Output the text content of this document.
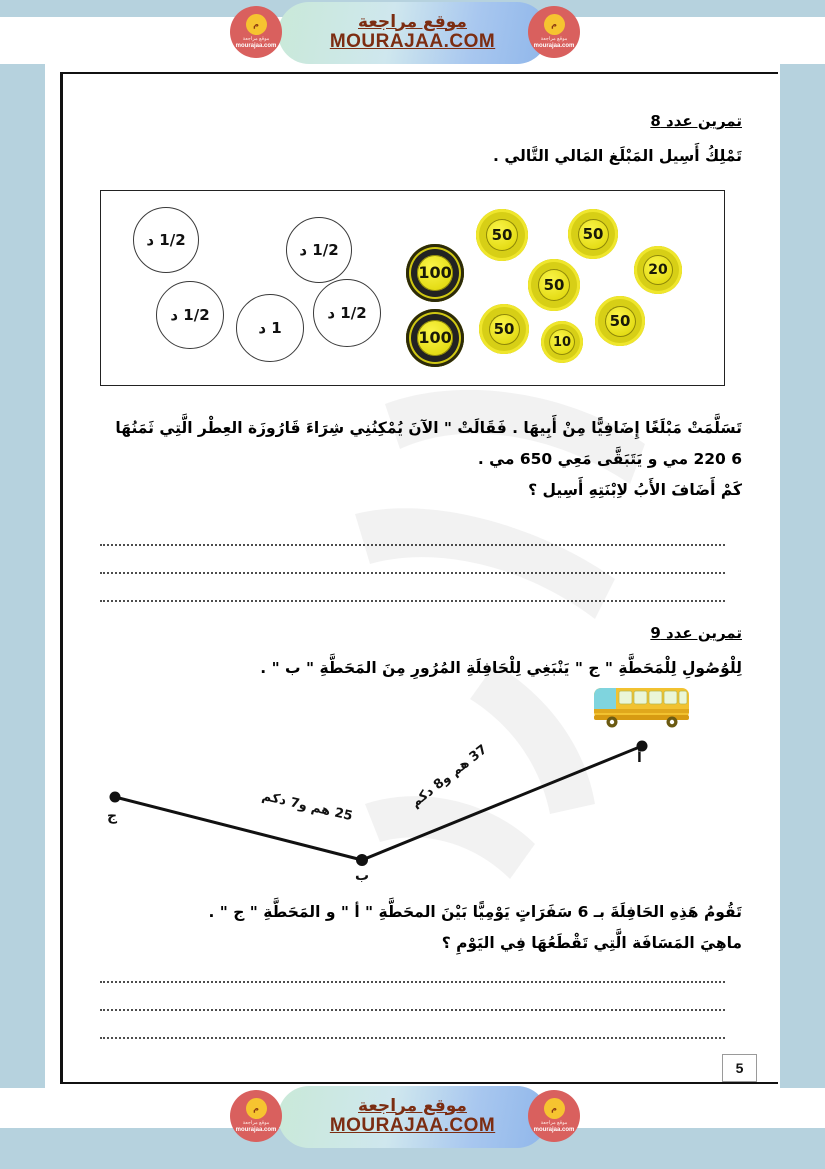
موقع مراجعة
MOURAJAA.COM
م
موقع مراجعة
mourajaa.com
م
موقع مراجعة
mourajaa.com
تمرين عدد 8
تَمْلِكُ أَسِيل المَبْلَغ المَالي التَّالي .
1/2 د
1/2 د
1/2 د
1 د
1/2 د
100
50	50
50
20
100	50
10
50
تَسَلَّمَتْ مَبْلَغًا إِضَافِيًّا مِنْ أَبِيهَا . فَقَالَتْ " الآنَ يُمْكِنُنِي شِرَاءَ قَارُوزَة العِطْر الَّتِي ثَمَنُهَا
6 220 مي و يَتَبَقَّى مَعِي 650 مي .
كَمْ أَضَافَ الأَبُ لاِبْنَتِهِ أَسِيل ؟
تمرين عدد 9
لِلْوُصُولِ لِلْمَحَطَّةِ " ج " يَنْبَغِي لِلْحَافِلَةِ المُرُورِ مِنَ المَحَطَّةِ " ب " .
ج
ب
أ
25 هم و7 دكم
37 هم و8 دكم
تَقُومُ هَذِهِ الحَافِلَةَ بـ 6 سَفَرَاتٍ يَوْمِيًّا بَيْنَ المحَطَّةِ " أ " و المَحَطَّةِ " ج " .
ماهِيَ المَسَافَة الَّتِي تَقْطَعُهَا فِي اليَوْمِ ؟
5
موقع مراجعة
MOURAJAA.COM
م
موقع مراجعة
mourajaa.com
م
موقع مراجعة
mourajaa.com
